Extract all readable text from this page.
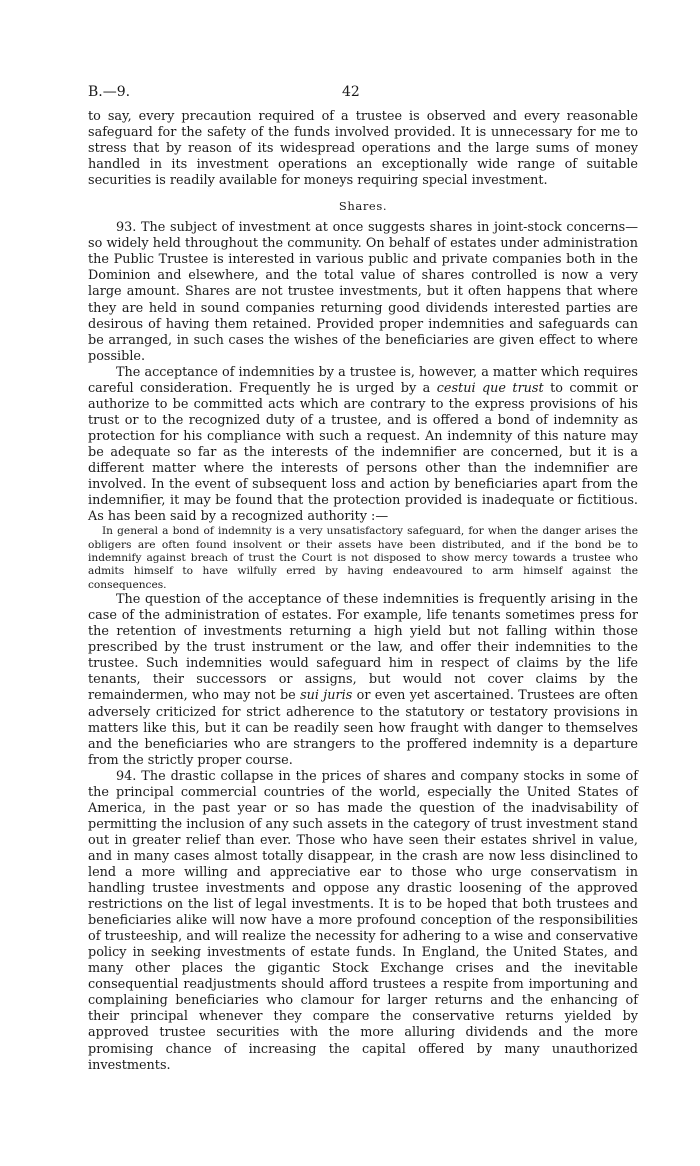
B.—9.	42

to say, every precaution required of a trustee is observed and every reasonable safeguard for the safety of the funds involved provided. It is unnecessary for me to stress that by reason of its widespread operations and the large sums of money handled in its investment operations an exceptionally wide range of suitable securities is readily available for moneys requiring special investment.

Shares.

93. The subject of investment at once suggests shares in joint-stock concerns—so widely held throughout the community. On behalf of estates under administration the Public Trustee is interested in various public and private companies both in the Dominion and elsewhere, and the total value of shares controlled is now a very large amount. Shares are not trustee investments, but it often happens that where they are held in sound companies returning good dividends interested parties are desirous of having them retained. Provided proper indemnities and safeguards can be arranged, in such cases the wishes of the beneficiaries are given effect to where possible.

The acceptance of indemnities by a trustee is, however, a matter which requires careful consideration. Frequently he is urged by a cestui que trust to commit or authorize to be committed acts which are contrary to the express provisions of his trust or to the recognized duty of a trustee, and is offered a bond of indemnity as protection for his compliance with such a request. An indemnity of this nature may be adequate so far as the interests of the indemnifier are concerned, but it is a different matter where the interests of persons other than the indemnifier are involved. In the event of subsequent loss and action by beneficiaries apart from the indemnifier, it may be found that the protection provided is inadequate or fictitious. As has been said by a recognized authority :—

In general a bond of indemnity is a very unsatisfactory safeguard, for when the danger arises the obligers are often found insolvent or their assets have been distributed, and if the bond be to indemnify against breach of trust the Court is not disposed to show mercy towards a trustee who admits himself to have wilfully erred by having endeavoured to arm himself against the consequences.

The question of the acceptance of these indemnities is frequently arising in the case of the administration of estates. For example, life tenants sometimes press for the retention of investments returning a high yield but not falling within those prescribed by the trust instrument or the law, and offer their indemnities to the trustee. Such indemnities would safeguard him in respect of claims by the life tenants, their successors or assigns, but would not cover claims by the remaindermen, who may not be sui juris or even yet ascertained. Trustees are often adversely criticized for strict adherence to the statutory or testatory provisions in matters like this, but it can be readily seen how fraught with danger to themselves and the beneficiaries who are strangers to the proffered indemnity is a departure from the strictly proper course.

94. The drastic collapse in the prices of shares and company stocks in some of the principal commercial countries of the world, especially the United States of America, in the past year or so has made the question of the inadvisability of permitting the inclusion of any such assets in the category of trust investment stand out in greater relief than ever. Those who have seen their estates shrivel in value, and in many cases almost totally disappear, in the crash are now less disinclined to lend a more willing and appreciative ear to those who urge conservatism in handling trustee investments and oppose any drastic loosening of the approved restrictions on the list of legal investments. It is to be hoped that both trustees and beneficiaries alike will now have a more profound conception of the responsibilities of trusteeship, and will realize the necessity for adhering to a wise and conservative policy in seeking investments of estate funds. In England, the United States, and many other places the gigantic Stock Exchange crises and the inevitable consequential readjustments should afford trustees a respite from importuning and complaining beneficiaries who clamour for larger returns and the enhancing of their principal whenever they compare the conservative returns yielded by approved trustee securities with the more alluring dividends and the more promising chance of increasing the capital offered by many unauthorized investments.
